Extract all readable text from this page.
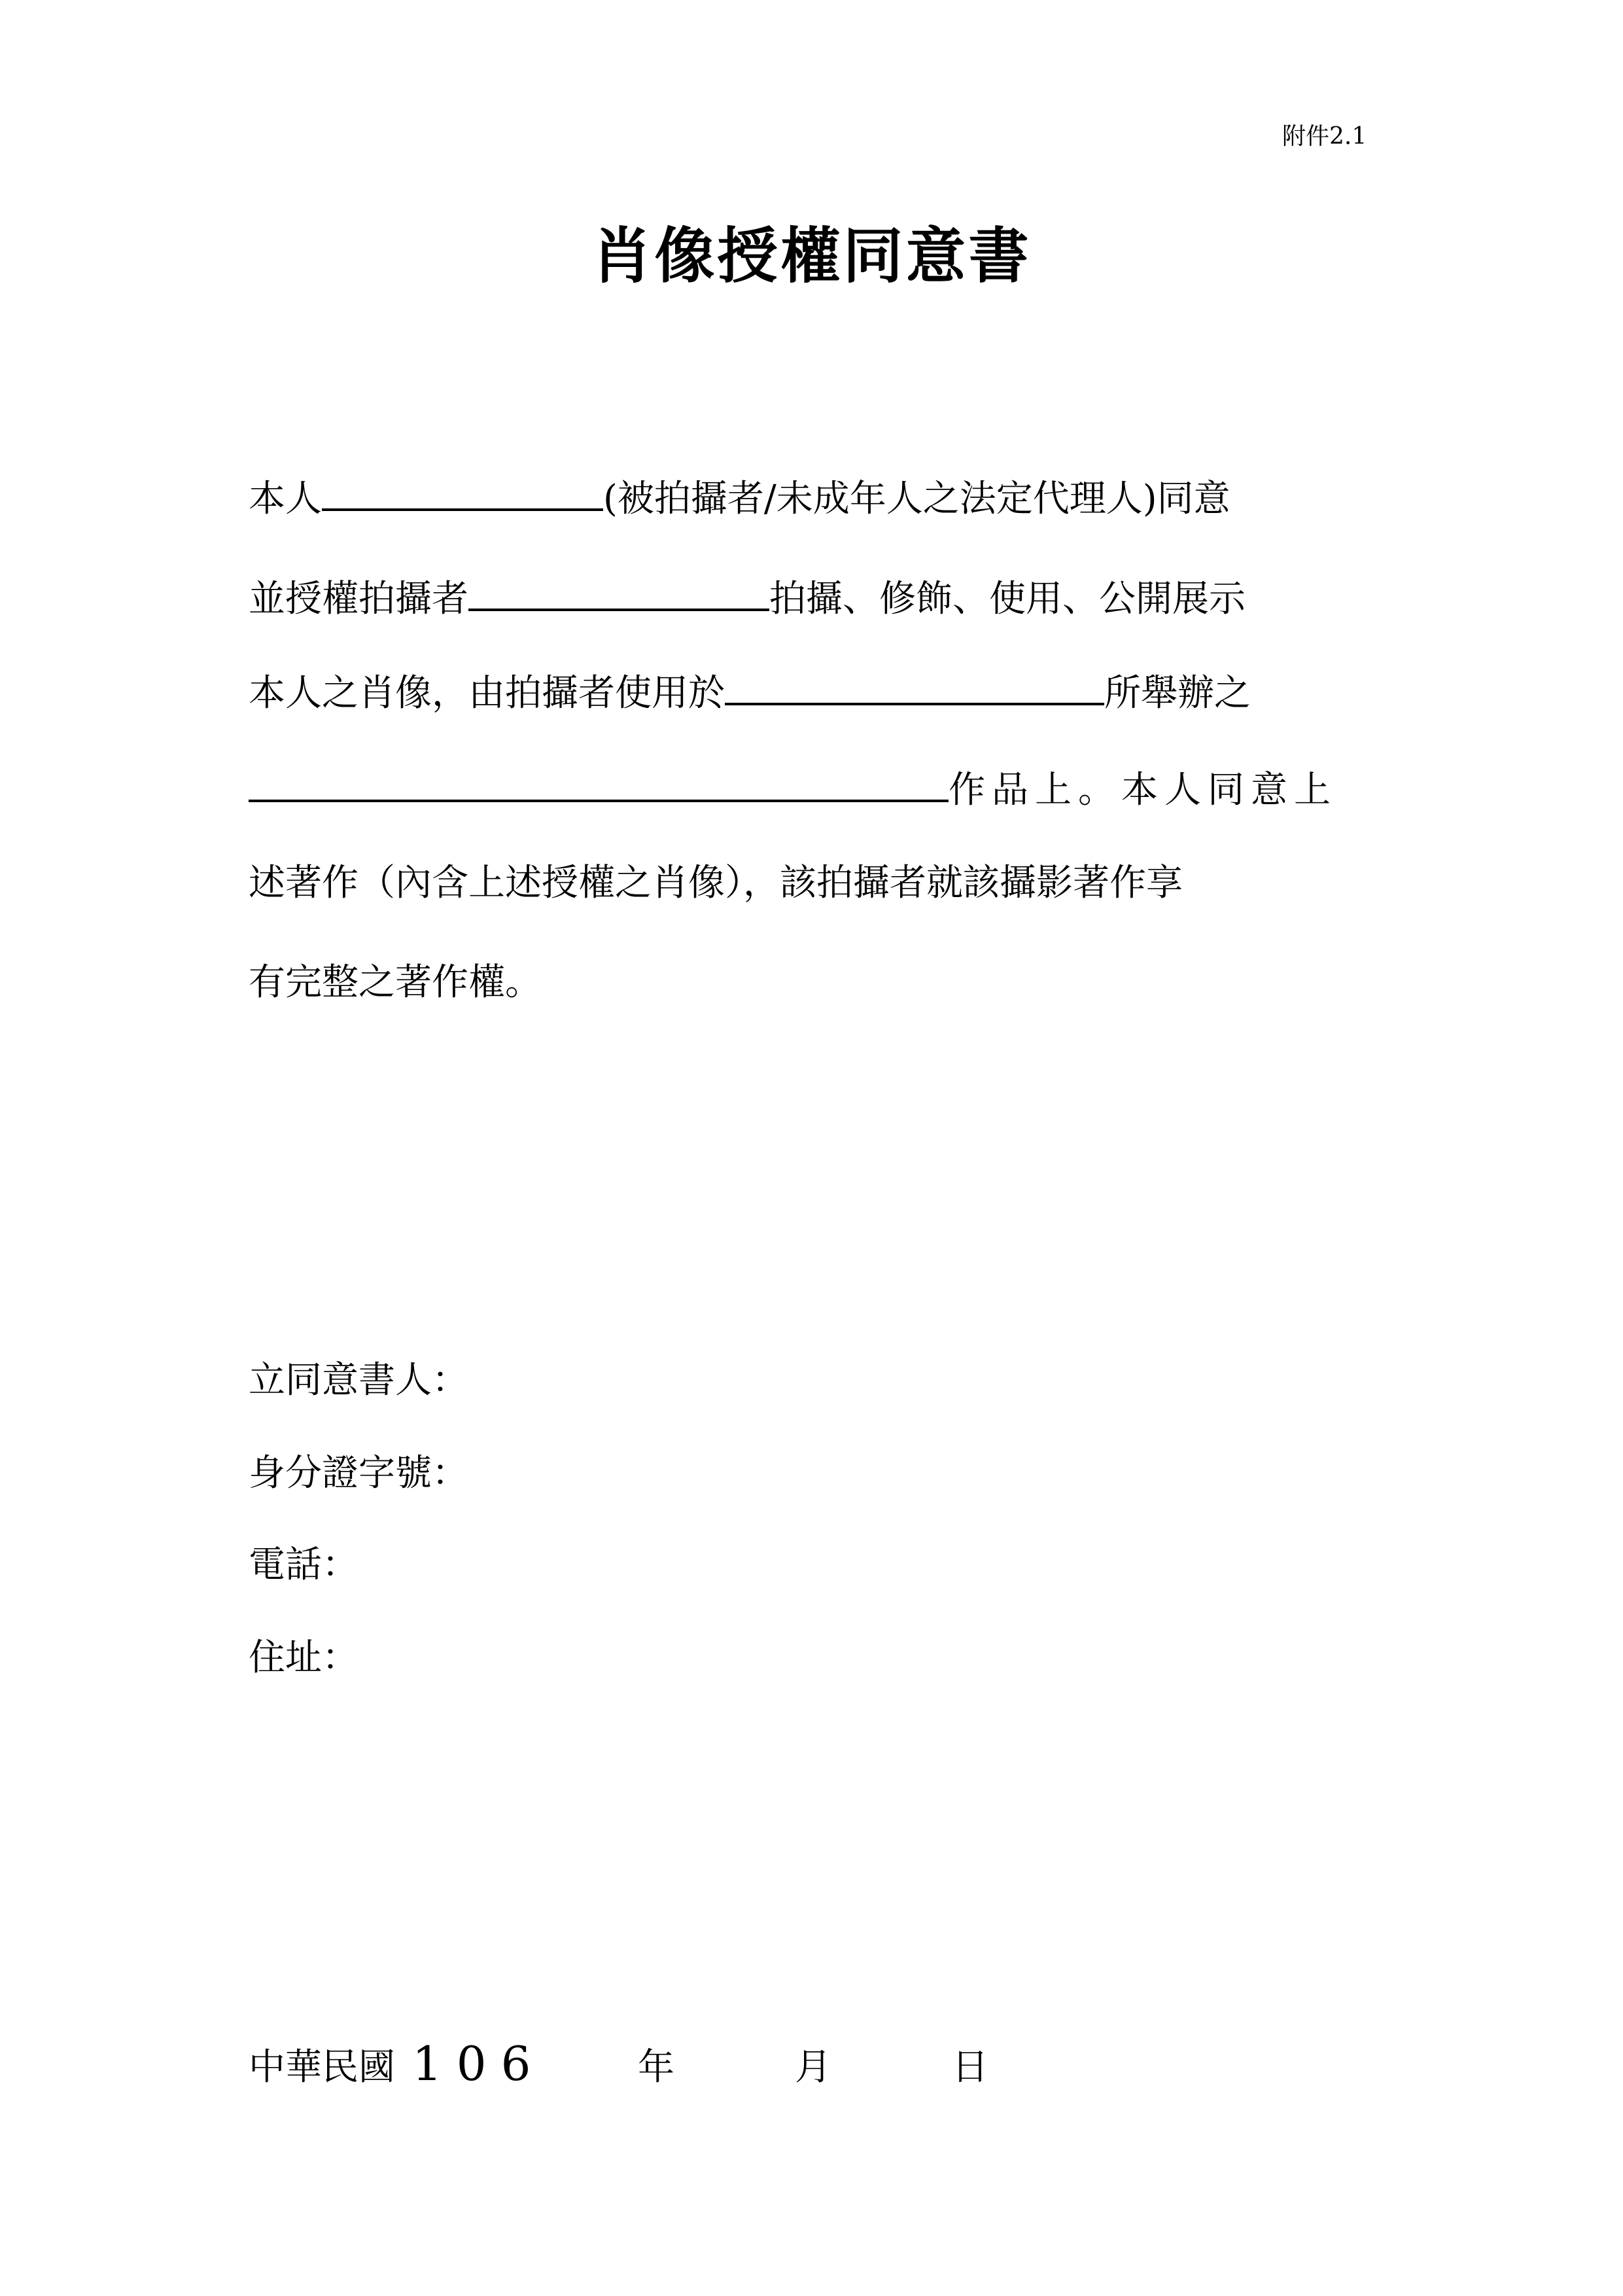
附件2.1
肖像授權同意書
本人	(被拍攝者/未成年人之法定代理人)同意
並授權拍攝者	拍攝、修飾、使用、公開展示
本人之肖像，由拍攝者使用於	所舉辦之
作品上。本人同意上
述著作（內含上述授權之肖像），該拍攝者就該攝影著作享
有完整之著作權。
立同意書人：
身分證字號：
電話：
住址：
中華民國 106	年	月	日
